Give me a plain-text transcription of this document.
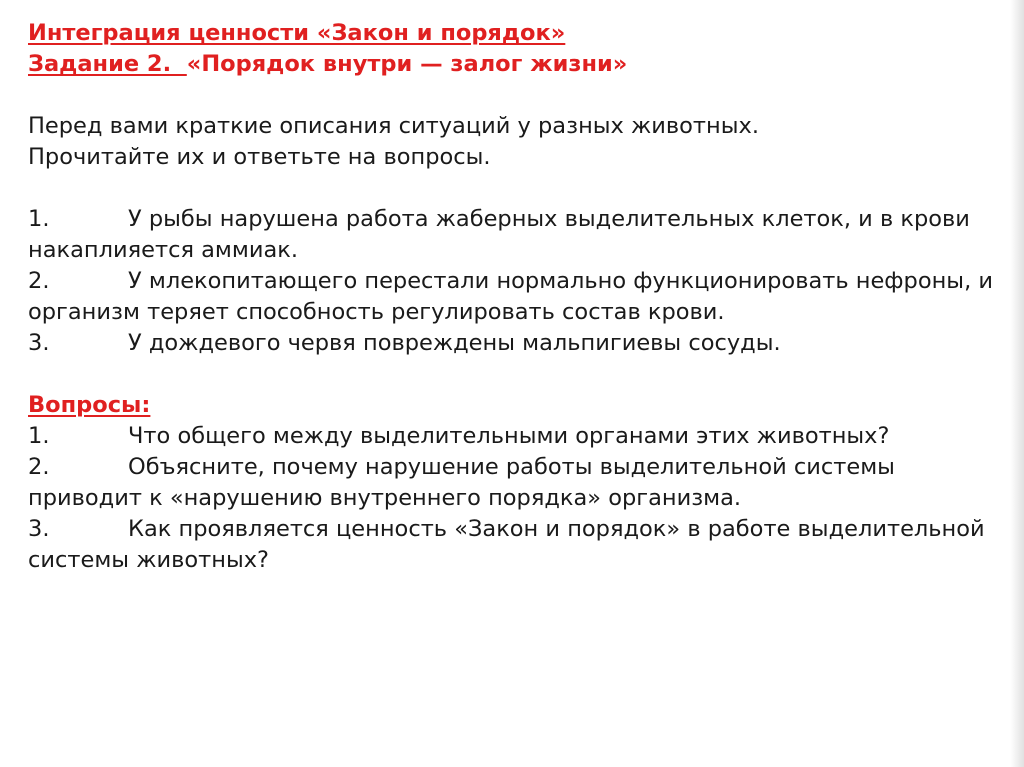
Интеграция ценности «Закон и порядок»
Задание 2.  «Порядок внутри — залог жизни»
Перед вами краткие описания ситуаций у разных животных.
Прочитайте их и ответьте на вопросы.
1.	У рыбы нарушена работа жаберных выделительных клеток, и в крови накаплияется аммиак.
2.	У млекопитающего перестали нормально функционировать нефроны, и организм теряет способность регулировать состав крови.
3.	У дождевого червя повреждены мальпигиевы сосуды.
Вопросы:
1.	Что общего между выделительными органами этих животных?
2.	Объясните, почему нарушение работы выделительной системы приводит к «нарушению внутреннего порядка» организма.
3.	Как проявляется ценность «Закон и порядок» в работе выделительной системы животных?
